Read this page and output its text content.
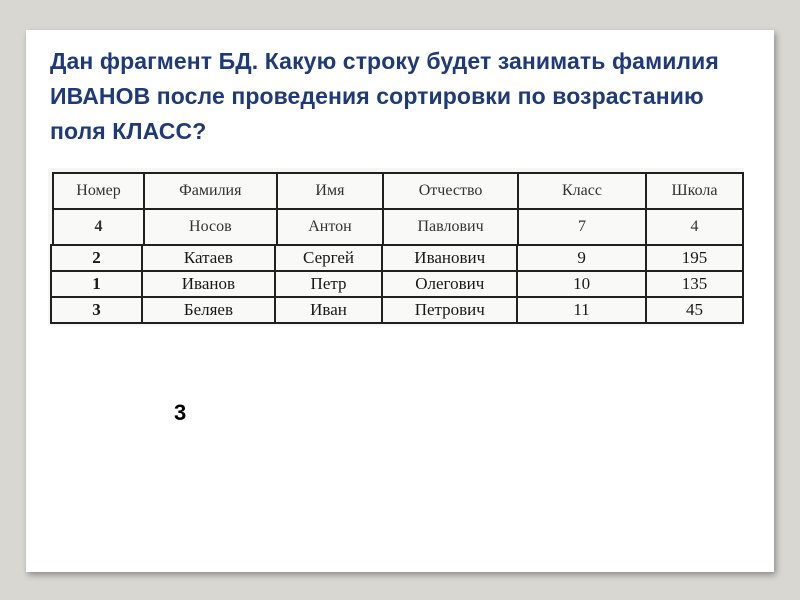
Дан фрагмент БД. Какую строку будет занимать фамилия ИВАНОВ после проведения сортировки по возрастанию поля КЛАСС?

Номер	Фамилия	Имя	Отчество	Класс	Школа
4	Носов	Антон	Павлович	7	4
2	Катаев	Сергей	Иванович	9	195
1	Иванов	Петр	Олегович	10	135
3	Беляев	Иван	Петрович	11	45
3
